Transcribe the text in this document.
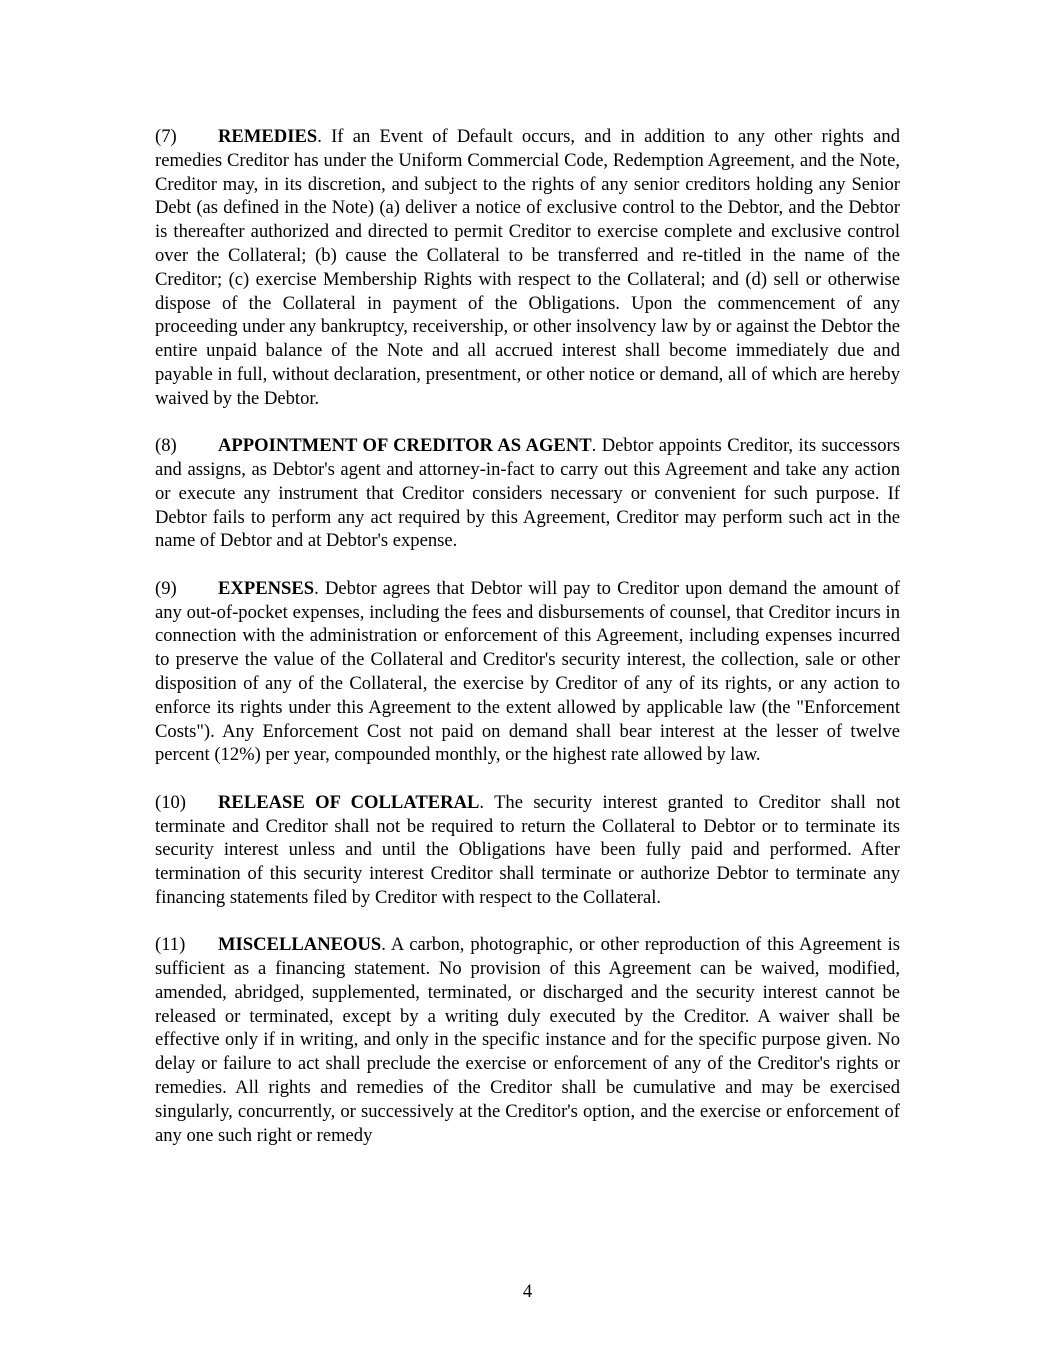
(7) REMEDIES. If an Event of Default occurs, and in addition to any other rights and remedies Creditor has under the Uniform Commercial Code, Redemption Agreement, and the Note, Creditor may, in its discretion, and subject to the rights of any senior creditors holding any Senior Debt (as defined in the Note) (a) deliver a notice of exclusive control to the Debtor, and the Debtor is thereafter authorized and directed to permit Creditor to exercise complete and exclusive control over the Collateral; (b) cause the Collateral to be transferred and re-titled in the name of the Creditor; (c) exercise Membership Rights with respect to the Collateral; and (d) sell or otherwise dispose of the Collateral in payment of the Obligations. Upon the commencement of any proceeding under any bankruptcy, receivership, or other insolvency law by or against the Debtor the entire unpaid balance of the Note and all accrued interest shall become immediately due and payable in full, without declaration, presentment, or other notice or demand, all of which are hereby waived by the Debtor.

(8) APPOINTMENT OF CREDITOR AS AGENT. Debtor appoints Creditor, its successors and assigns, as Debtor's agent and attorney-in-fact to carry out this Agreement and take any action or execute any instrument that Creditor considers necessary or convenient for such purpose. If Debtor fails to perform any act required by this Agreement, Creditor may perform such act in the name of Debtor and at Debtor's expense.

(9) EXPENSES. Debtor agrees that Debtor will pay to Creditor upon demand the amount of any out-of-pocket expenses, including the fees and disbursements of counsel, that Creditor incurs in connection with the administration or enforcement of this Agreement, including expenses incurred to preserve the value of the Collateral and Creditor's security interest, the collection, sale or other disposition of any of the Collateral, the exercise by Creditor of any of its rights, or any action to enforce its rights under this Agreement to the extent allowed by applicable law (the "Enforcement Costs"). Any Enforcement Cost not paid on demand shall bear interest at the lesser of twelve percent (12%) per year, compounded monthly, or the highest rate allowed by law.

(10) RELEASE OF COLLATERAL. The security interest granted to Creditor shall not terminate and Creditor shall not be required to return the Collateral to Debtor or to terminate its security interest unless and until the Obligations have been fully paid and performed. After termination of this security interest Creditor shall terminate or authorize Debtor to terminate any financing statements filed by Creditor with respect to the Collateral.

(11) MISCELLANEOUS. A carbon, photographic, or other reproduction of this Agreement is sufficient as a financing statement. No provision of this Agreement can be waived, modified, amended, abridged, supplemented, terminated, or discharged and the security interest cannot be released or terminated, except by a writing duly executed by the Creditor. A waiver shall be effective only if in writing, and only in the specific instance and for the specific purpose given. No delay or failure to act shall preclude the exercise or enforcement of any of the Creditor's rights or remedies. All rights and remedies of the Creditor shall be cumulative and may be exercised singularly, concurrently, or successively at the Creditor's option, and the exercise or enforcement of any one such right or remedy

4
